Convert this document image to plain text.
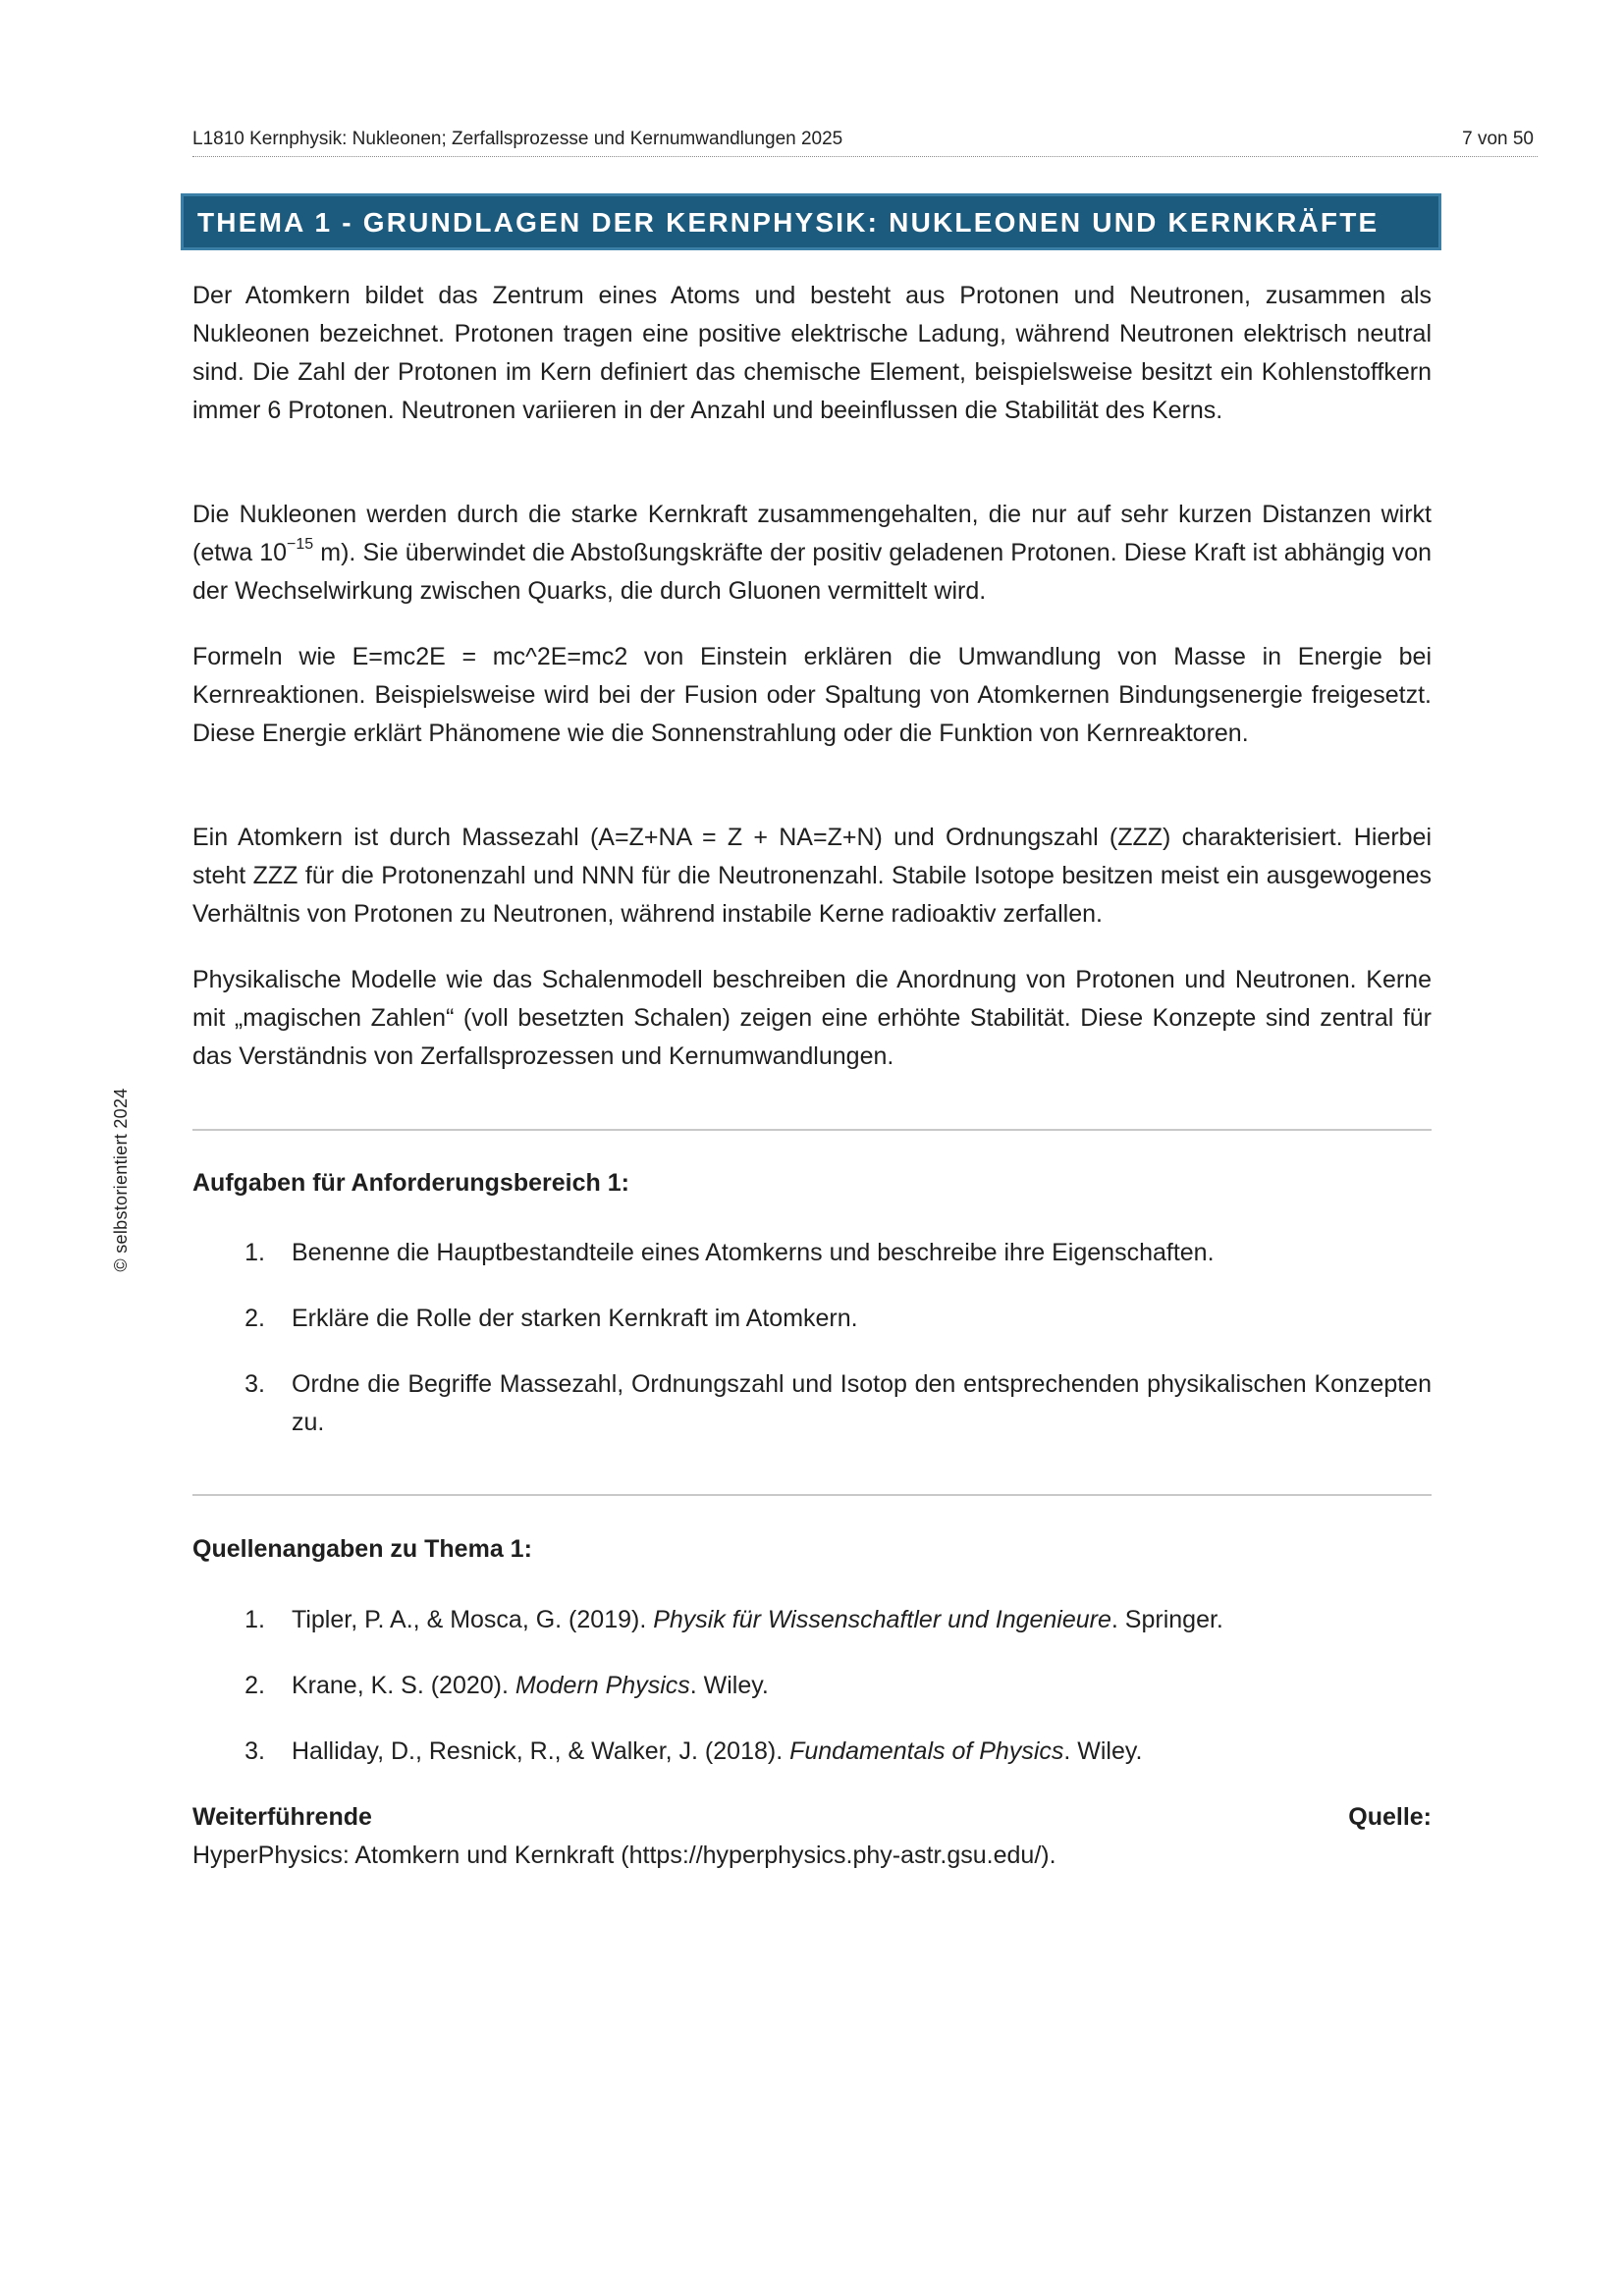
L1810 Kernphysik: Nukleonen; Zerfallsprozesse und Kernumwandlungen 2025	7 von 50
© selbstorientiert 2024
THEMA 1 - GRUNDLAGEN DER KERNPHYSIK: NUKLEONEN UND KERNKRÄFTE

Der Atomkern bildet das Zentrum eines Atoms und besteht aus Protonen und Neutronen, zusammen als Nukleonen bezeichnet. Protonen tragen eine positive elektrische Ladung, während Neutronen elektrisch neutral sind. Die Zahl der Protonen im Kern definiert das chemische Element, beispielsweise besitzt ein Kohlenstoffkern immer 6 Protonen. Neutronen variieren in der Anzahl und beeinflussen die Stabilität des Kerns.

Die Nukleonen werden durch die starke Kernkraft zusammengehalten, die nur auf sehr kurzen Distanzen wirkt (etwa $10^{-15}$ m). Sie überwindet die Abstoßungskräfte der positiv geladenen Protonen. Diese Kraft ist abhängig von der Wechselwirkung zwischen Quarks, die durch Gluonen vermittelt wird.

Formeln wie E=mc2E = mc^2E=mc2 von Einstein erklären die Umwandlung von Masse in Energie bei Kernreaktionen. Beispielsweise wird bei der Fusion oder Spaltung von Atomkernen Bindungsenergie freigesetzt. Diese Energie erklärt Phänomene wie die Sonnenstrahlung oder die Funktion von Kernreaktoren.

Ein Atomkern ist durch Massezahl (A=Z+NA = Z + NA=Z+N) und Ordnungszahl (ZZZ) charakterisiert. Hierbei steht ZZZ für die Protonenzahl und NNN für die Neutronenzahl. Stabile Isotope besitzen meist ein ausgewogenes Verhältnis von Protonen zu Neutronen, während instabile Kerne radioaktiv zerfallen.

Physikalische Modelle wie das Schalenmodell beschreiben die Anordnung von Protonen und Neutronen. Kerne mit „magischen Zahlen“ (voll besetzten Schalen) zeigen eine erhöhte Stabilität. Diese Konzepte sind zentral für das Verständnis von Zerfallsprozessen und Kernumwandlungen.

Aufgaben für Anforderungsbereich 1:
1. Benenne die Hauptbestandteile eines Atomkerns und beschreibe ihre Eigenschaften.
2. Erkläre die Rolle der starken Kernkraft im Atomkern.
3. Ordne die Begriffe Massezahl, Ordnungszahl und Isotop den entsprechenden physikalischen Konzepten zu.
Quellenangaben zu Thema 1:
1. Tipler, P. A., & Mosca, G. (2019). Physik für Wissenschaftler und Ingenieure. Springer.
2. Krane, K. S. (2020). Modern Physics. Wiley.
3. Halliday, D., Resnick, R., & Walker, J. (2018). Fundamentals of Physics. Wiley.
Weiterführende	Quelle:
HyperPhysics: Atomkern und Kernkraft (https://hyperphysics.phy-astr.gsu.edu/).
